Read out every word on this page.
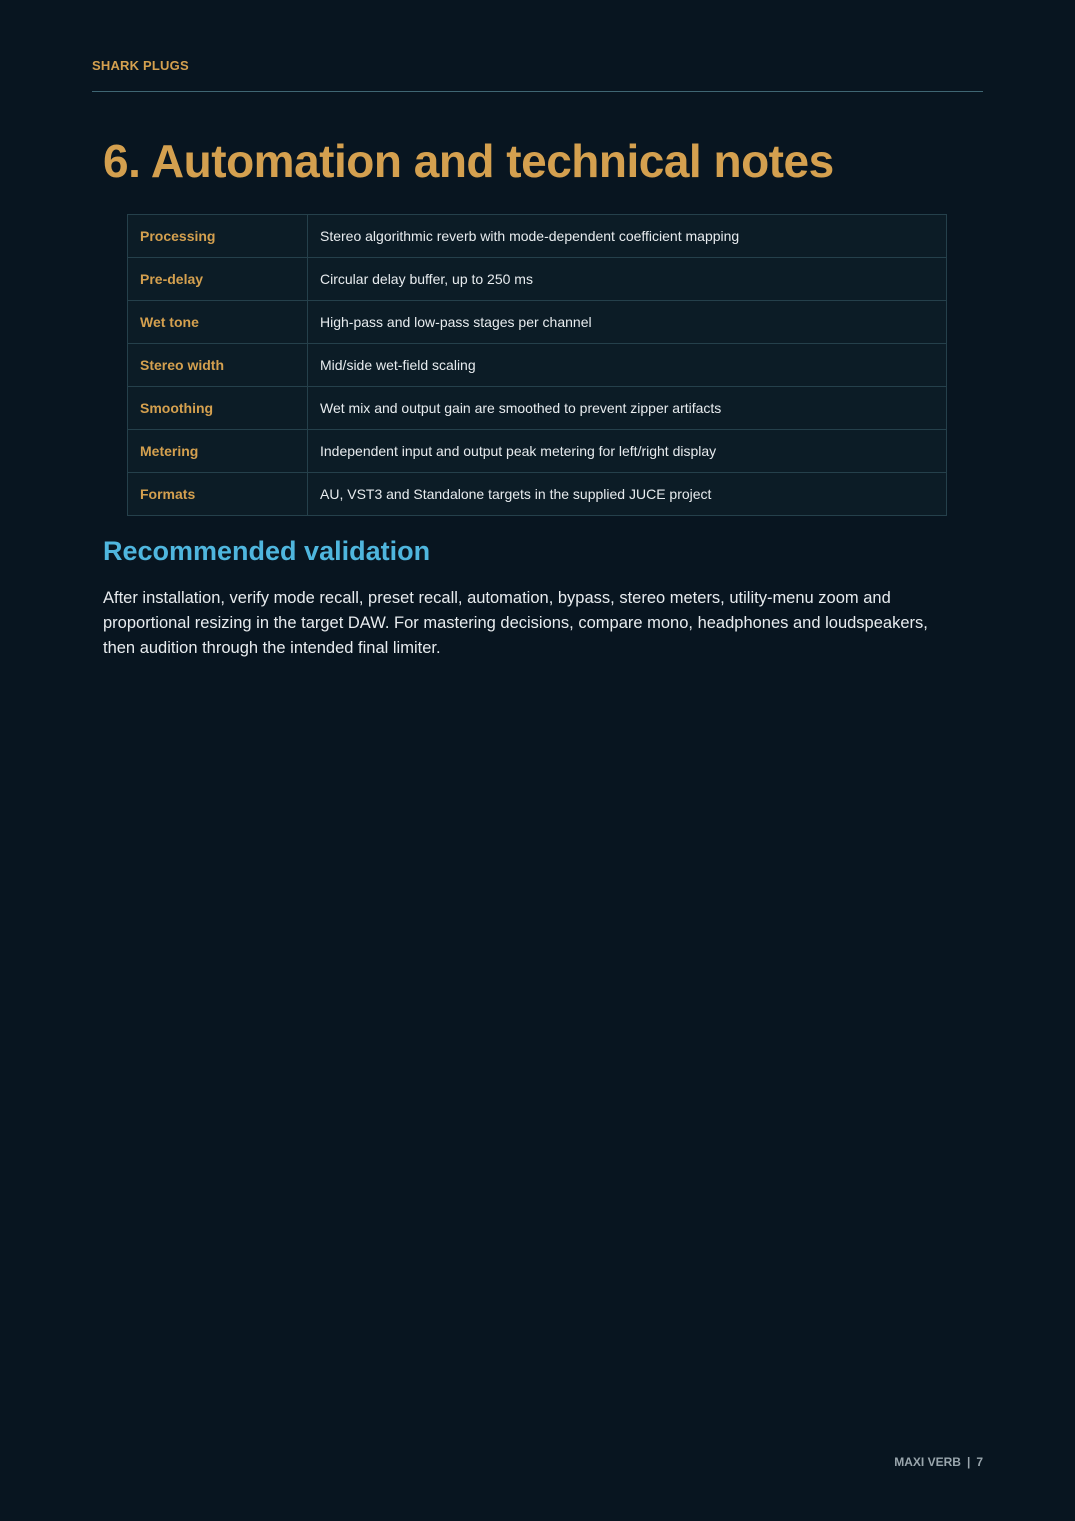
SHARK PLUGS
6. Automation and technical notes
Processing	Stereo algorithmic reverb with mode-dependent coefficient mapping
Pre-delay	Circular delay buffer, up to 250 ms
Wet tone	High-pass and low-pass stages per channel
Stereo width	Mid/side wet-field scaling
Smoothing	Wet mix and output gain are smoothed to prevent zipper artifacts
Metering	Independent input and output peak metering for left/right display
Formats	AU, VST3 and Standalone targets in the supplied JUCE project
Recommended validation

After installation, verify mode recall, preset recall, automation, bypass, stereo meters, utility-menu zoom and proportional resizing in the target DAW. For mastering decisions, compare mono, headphones and loudspeakers, then audition through the intended final limiter.

MAXI VERB | 7
